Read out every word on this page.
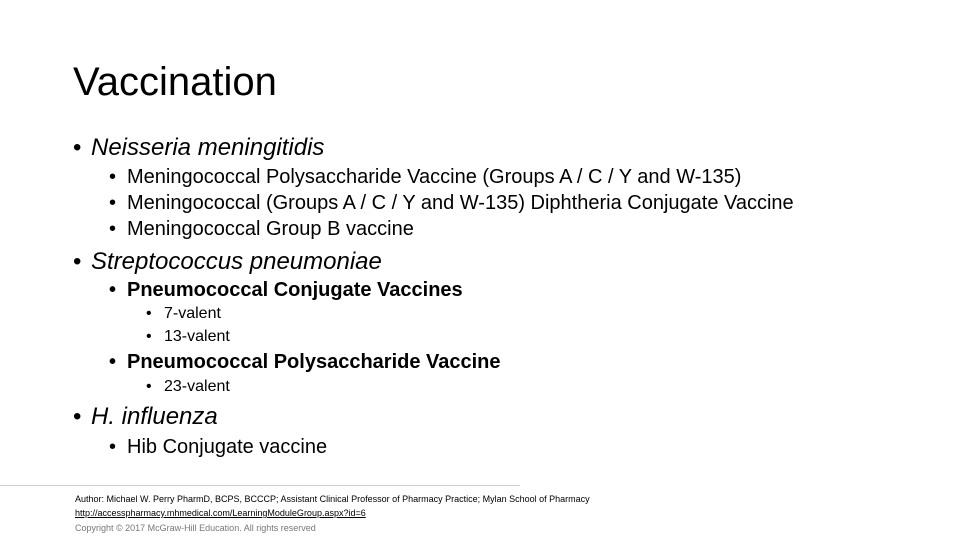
Vaccination
• Neisseria meningitidis
• Meningococcal Polysaccharide Vaccine (Groups A / C / Y and W-135)
• Meningococcal (Groups A / C / Y and W-135) Diphtheria Conjugate Vaccine
• Meningococcal Group B vaccine
• Streptococcus pneumoniae
• Pneumococcal Conjugate Vaccines
• 7-valent
• 13-valent
• Pneumococcal Polysaccharide Vaccine
• 23-valent
• H. influenza
• Hib Conjugate vaccine
Author: Michael W. Perry PharmD, BCPS, BCCCP; Assistant Clinical Professor of Pharmacy Practice; Mylan School of Pharmacy
http://accesspharmacy.mhmedical.com/LearningModuleGroup.aspx?id=6
Copyright © 2017 McGraw-Hill Education. All rights reserved
